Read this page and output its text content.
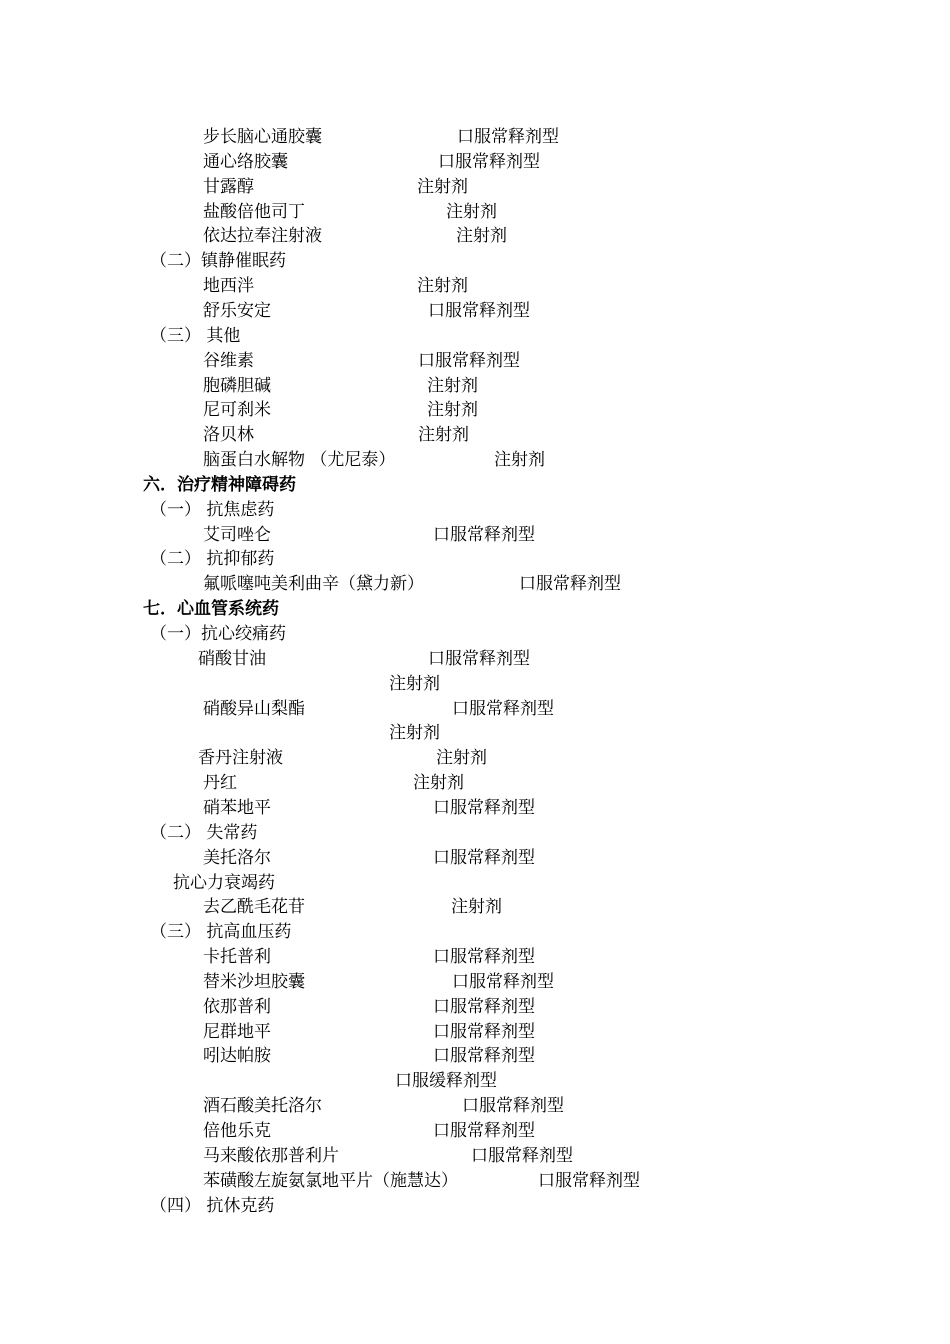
步长脑心通胶囊	口服常释剂型
通心络胶囊	口服常释剂型
甘露醇	注射剂
盐酸倍他司丁	注射剂
依达拉奉注射液	注射剂
（二）镇静催眠药
地西泮	注射剂
舒乐安定	口服常释剂型
（三） 其他
谷维素	口服常释剂型
胞磷胆碱	注射剂
尼可刹米	注射剂
洛贝林	注射剂
脑蛋白水解物 （尤尼泰）	注射剂
六．治疗精神障碍药
（一） 抗焦虑药
艾司唑仑	口服常释剂型
（二） 抗抑郁药
氟哌噻吨美利曲辛（黛力新）	口服常释剂型
七．心血管系统药
（一）抗心绞痛药
硝酸甘油	口服常释剂型
注射剂
硝酸异山梨酯	口服常释剂型
注射剂
香丹注射液	注射剂
丹红	注射剂
硝苯地平	口服常释剂型
（二） 失常药
美托洛尔	口服常释剂型
抗心力衰竭药
去乙酰毛花苷	注射剂
（三） 抗高血压药
卡托普利	口服常释剂型
替米沙坦胶囊	口服常释剂型
依那普利	口服常释剂型
尼群地平	口服常释剂型
吲达帕胺	口服常释剂型
口服缓释剂型
酒石酸美托洛尔	口服常释剂型
倍他乐克	口服常释剂型
马来酸依那普利片	口服常释剂型
苯磺酸左旋氨氯地平片（施慧达）	口服常释剂型
（四） 抗休克药
